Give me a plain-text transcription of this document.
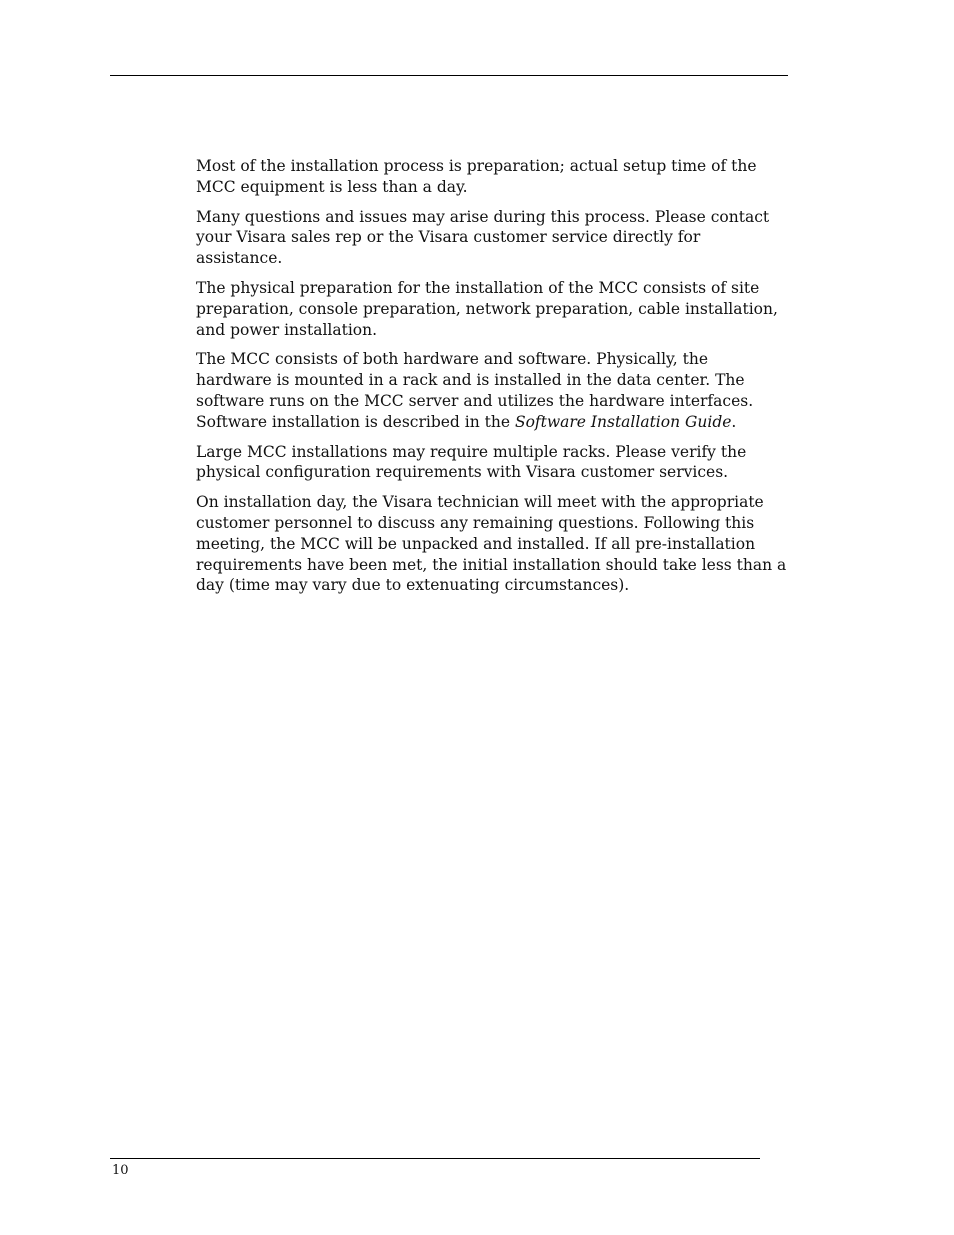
Most of the installation process is preparation; actual setup time of the MCC equipment is less than a day.

Many questions and issues may arise during this process. Please contact your Visara sales rep or the Visara customer service directly for assistance.

The physical preparation for the installation of the MCC consists of site preparation, console preparation, network preparation, cable installation, and power installation.

The MCC consists of both hardware and software. Physically, the hardware is mounted in a rack and is installed in the data center. The software runs on the MCC server and utilizes the hardware interfaces. Software installation is described in the Software Installation Guide.

Large MCC installations may require multiple racks. Please verify the physical configuration requirements with Visara customer services.

On installation day, the Visara technician will meet with the appropriate customer personnel to discuss any remaining questions. Following this meeting, the MCC will be unpacked and installed. If all pre-installation requirements have been met, the initial installation should take less than a day (time may vary due to extenuating circumstances).

10
